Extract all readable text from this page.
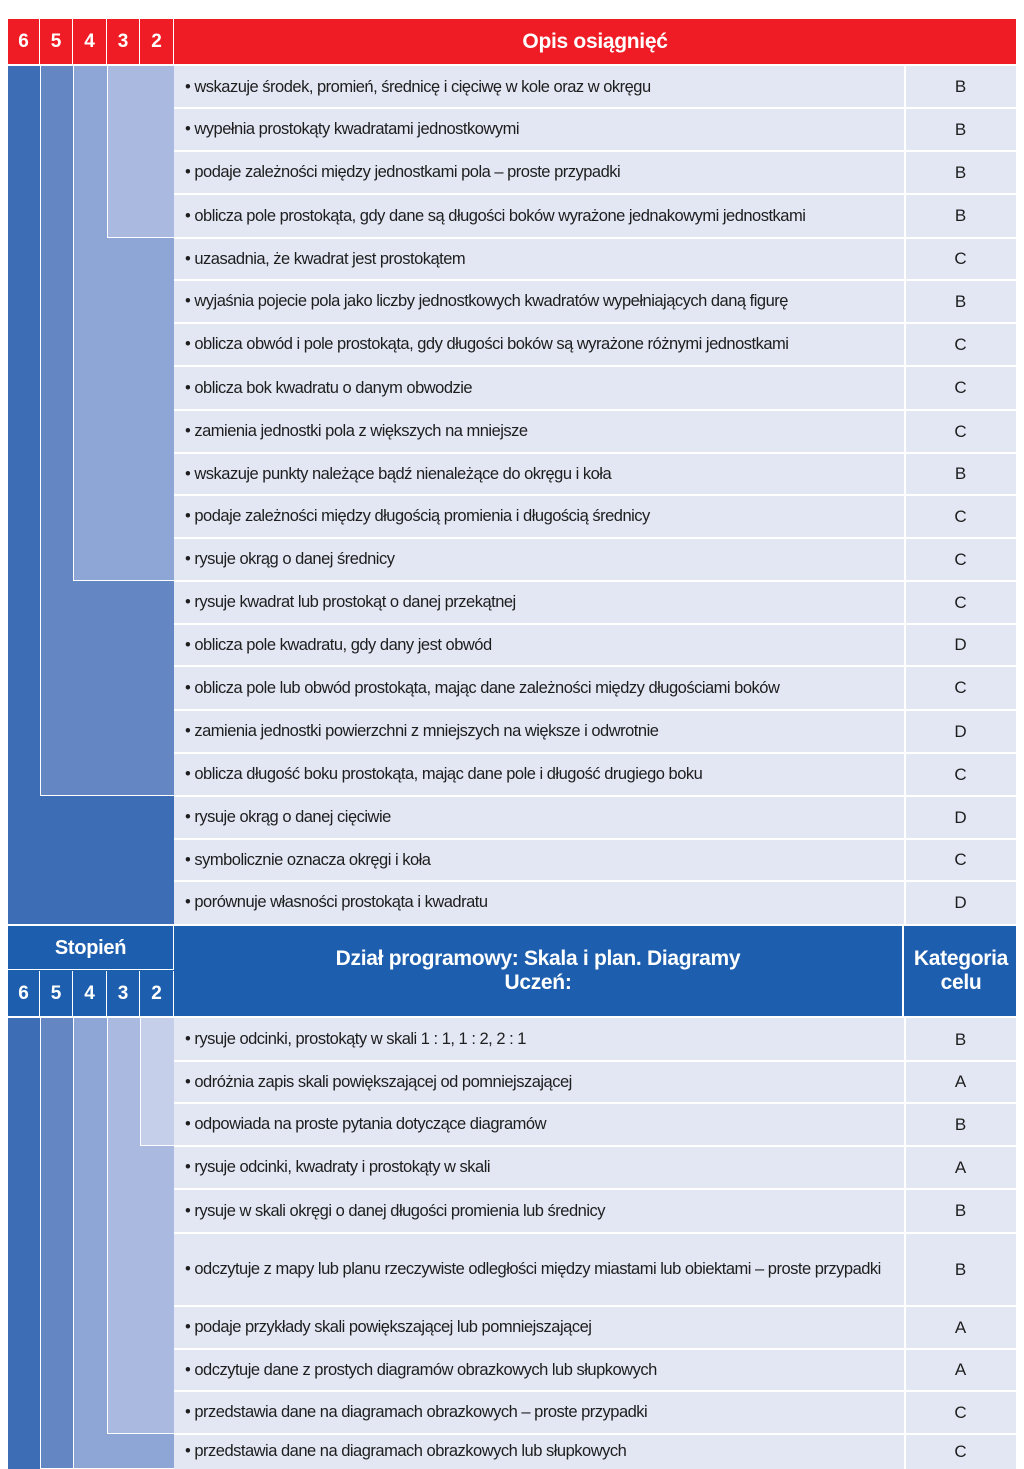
6	5	4	3	2	Opis osiągnięć
• wskazuje środek, promień, średnicę i cięciwę w kole oraz w okręgu	B
• wypełnia prostokąty kwadratami jednostkowymi	B
• podaje zależności między jednostkami pola – proste przypadki	B
• oblicza pole prostokąta, gdy dane są długości boków wyrażone jednakowymi jednostkami	B
• uzasadnia, że kwadrat jest prostokątem	C
• wyjaśnia pojecie pola jako liczby jednostkowych kwadratów wypełniających daną figurę	B
• oblicza obwód i pole prostokąta, gdy długości boków są wyrażone różnymi jednostkami	C
• oblicza bok kwadratu o danym obwodzie	C
• zamienia jednostki pola z większych na mniejsze	C
• wskazuje punkty należące bądź nienależące do okręgu i koła	B
• podaje zależności między długością promienia i długością średnicy	C
• rysuje okrąg o danej średnicy	C
• rysuje kwadrat lub prostokąt o danej przekątnej	C
• oblicza pole kwadratu, gdy dany jest obwód	D
• oblicza pole lub obwód prostokąta, mając dane zależności między długościami boków	C
• zamienia jednostki powierzchni z mniejszych na większe i odwrotnie	D
• oblicza długość boku prostokąta, mając dane pole i długość drugiego boku	C
• rysuje okrąg o danej cięciwie	D
• symbolicznie oznacza okręgi i koła	C
• porównuje własności prostokąta i kwadratu	D
Stopień
6	5	4	3	2
Dział programowy: Skala i plan. Diagramy
Uczeń:
Kategoria
celu
• rysuje odcinki, prostokąty w skali 1 : 1, 1 : 2, 2 : 1	B
• odróżnia zapis skali powiększającej od pomniejszającej	A
• odpowiada na proste pytania dotyczące diagramów	B
• rysuje odcinki, kwadraty i prostokąty w skali	A
• rysuje w skali okręgi o danej długości promienia lub średnicy	B
• odczytuje z mapy lub planu rzeczywiste odległości między miastami lub obiektami – proste przypadki	B
• podaje przykłady skali powiększającej lub pomniejszającej	A
• odczytuje dane z prostych diagramów obrazkowych lub słupkowych	A
• przedstawia dane na diagramach obrazkowych – proste przypadki	C
• przedstawia dane na diagramach obrazkowych lub słupkowych	C
